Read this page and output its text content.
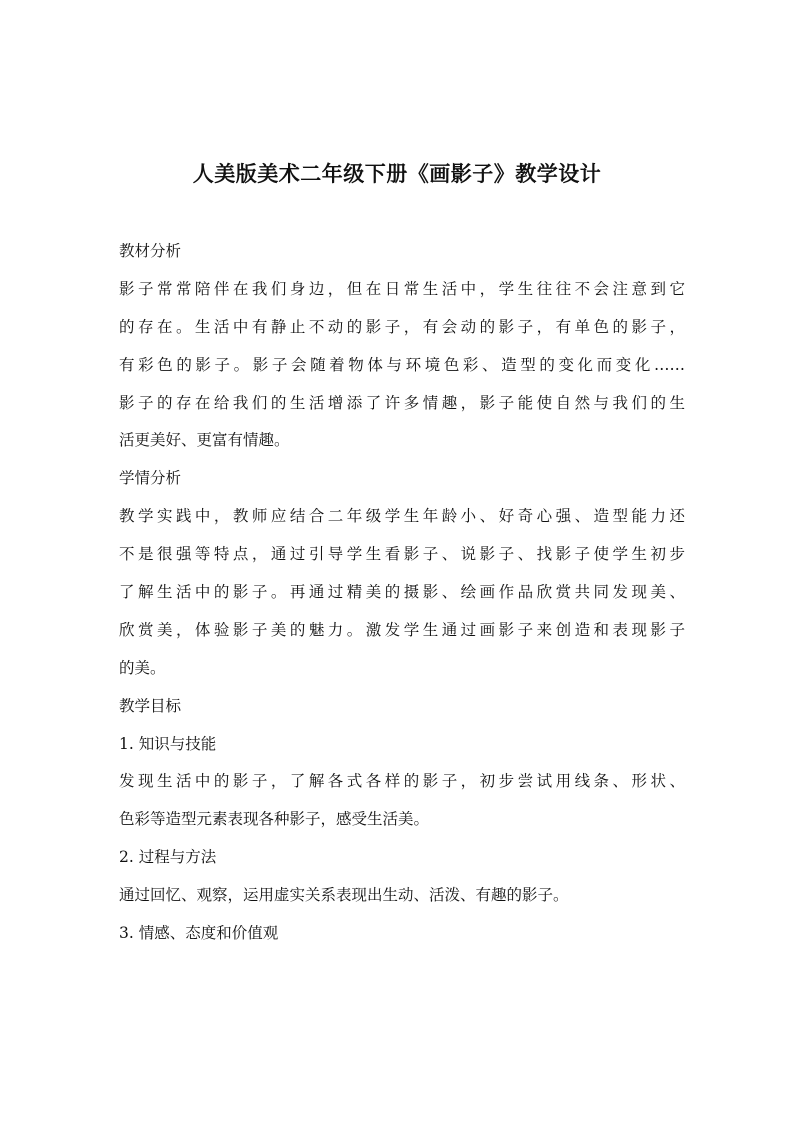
人美版美术二年级下册《画影子》教学设计
教材分析
影子常常陪伴在我们身边，但在日常生活中，学生往往不会注意到它
的存在。生活中有静止不动的影子，有会动的影子，有单色的影子，
有彩色的影子。影子会随着物体与环境色彩、造型的变化而变化……
影子的存在给我们的生活增添了许多情趣，影子能使自然与我们的生
活更美好、更富有情趣。
学情分析
教学实践中，教师应结合二年级学生年龄小、好奇心强、造型能力还
不是很强等特点，通过引导学生看影子、说影子、找影子使学生初步
了解生活中的影子。再通过精美的摄影、绘画作品欣赏共同发现美、
欣赏美，体验影子美的魅力。激发学生通过画影子来创造和表现影子
的美。
教学目标
1. 知识与技能
发现生活中的影子，了解各式各样的影子，初步尝试用线条、形状、
色彩等造型元素表现各种影子，感受生活美。
2. 过程与方法
通过回忆、观察，运用虚实关系表现出生动、活泼、有趣的影子。
3. 情感、态度和价值观
